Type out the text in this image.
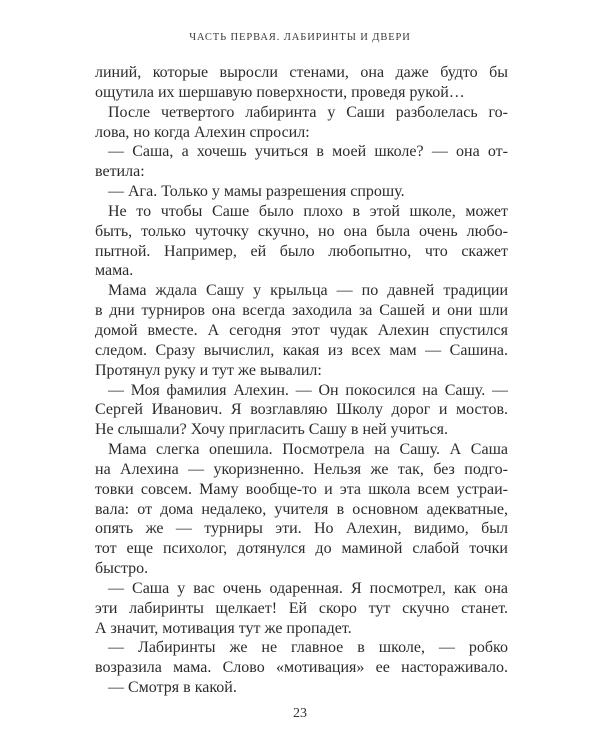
ЧАСТЬ ПЕРВАЯ. ЛАБИРИНТЫ И ДВЕРИ
линий, которые выросли стенами, она даже будто бы
ощутила их шершавую поверхности, проведя рукой…
После четвертого лабиринта у Саши разболелась го-
лова, но когда Алехин спросил:
— Саша, а хочешь учиться в моей школе? — она от-
ветила:
— Ага. Только у мамы разрешения спрошу.
Не то чтобы Саше было плохо в этой школе, может
быть, только чуточку скучно, но она была очень любо-
пытной. Например, ей было любопытно, что скажет
мама.
Мама ждала Сашу у крыльца — по давней традиции
в дни турниров она всегда заходила за Сашей и они шли
домой вместе. А сегодня этот чудак Алехин спустился
следом. Сразу вычислил, какая из всех мам — Сашина.
Протянул руку и тут же вывалил:
— Моя фамилия Алехин. — Он покосился на Сашу. —
Сергей Иванович. Я возглавляю Школу дорог и мостов.
Не слышали? Хочу пригласить Сашу в ней учиться.
Мама слегка опешила. Посмотрела на Сашу. А Саша
на Алехина — укоризненно. Нельзя же так, без подго-
товки совсем. Маму вообще-то и эта школа всем устраи-
вала: от дома недалеко, учителя в основном адекватные,
опять же — турниры эти. Но Алехин, видимо, был
тот еще психолог, дотянулся до маминой слабой точки
быстро.
— Саша у вас очень одаренная. Я посмотрел, как она
эти лабиринты щелкает! Ей скоро тут скучно станет.
А значит, мотивация тут же пропадет.
— Лабиринты же не главное в школе, — робко
возразила мама. Слово «мотивация» ее настораживало.
— Смотря в какой.
23
